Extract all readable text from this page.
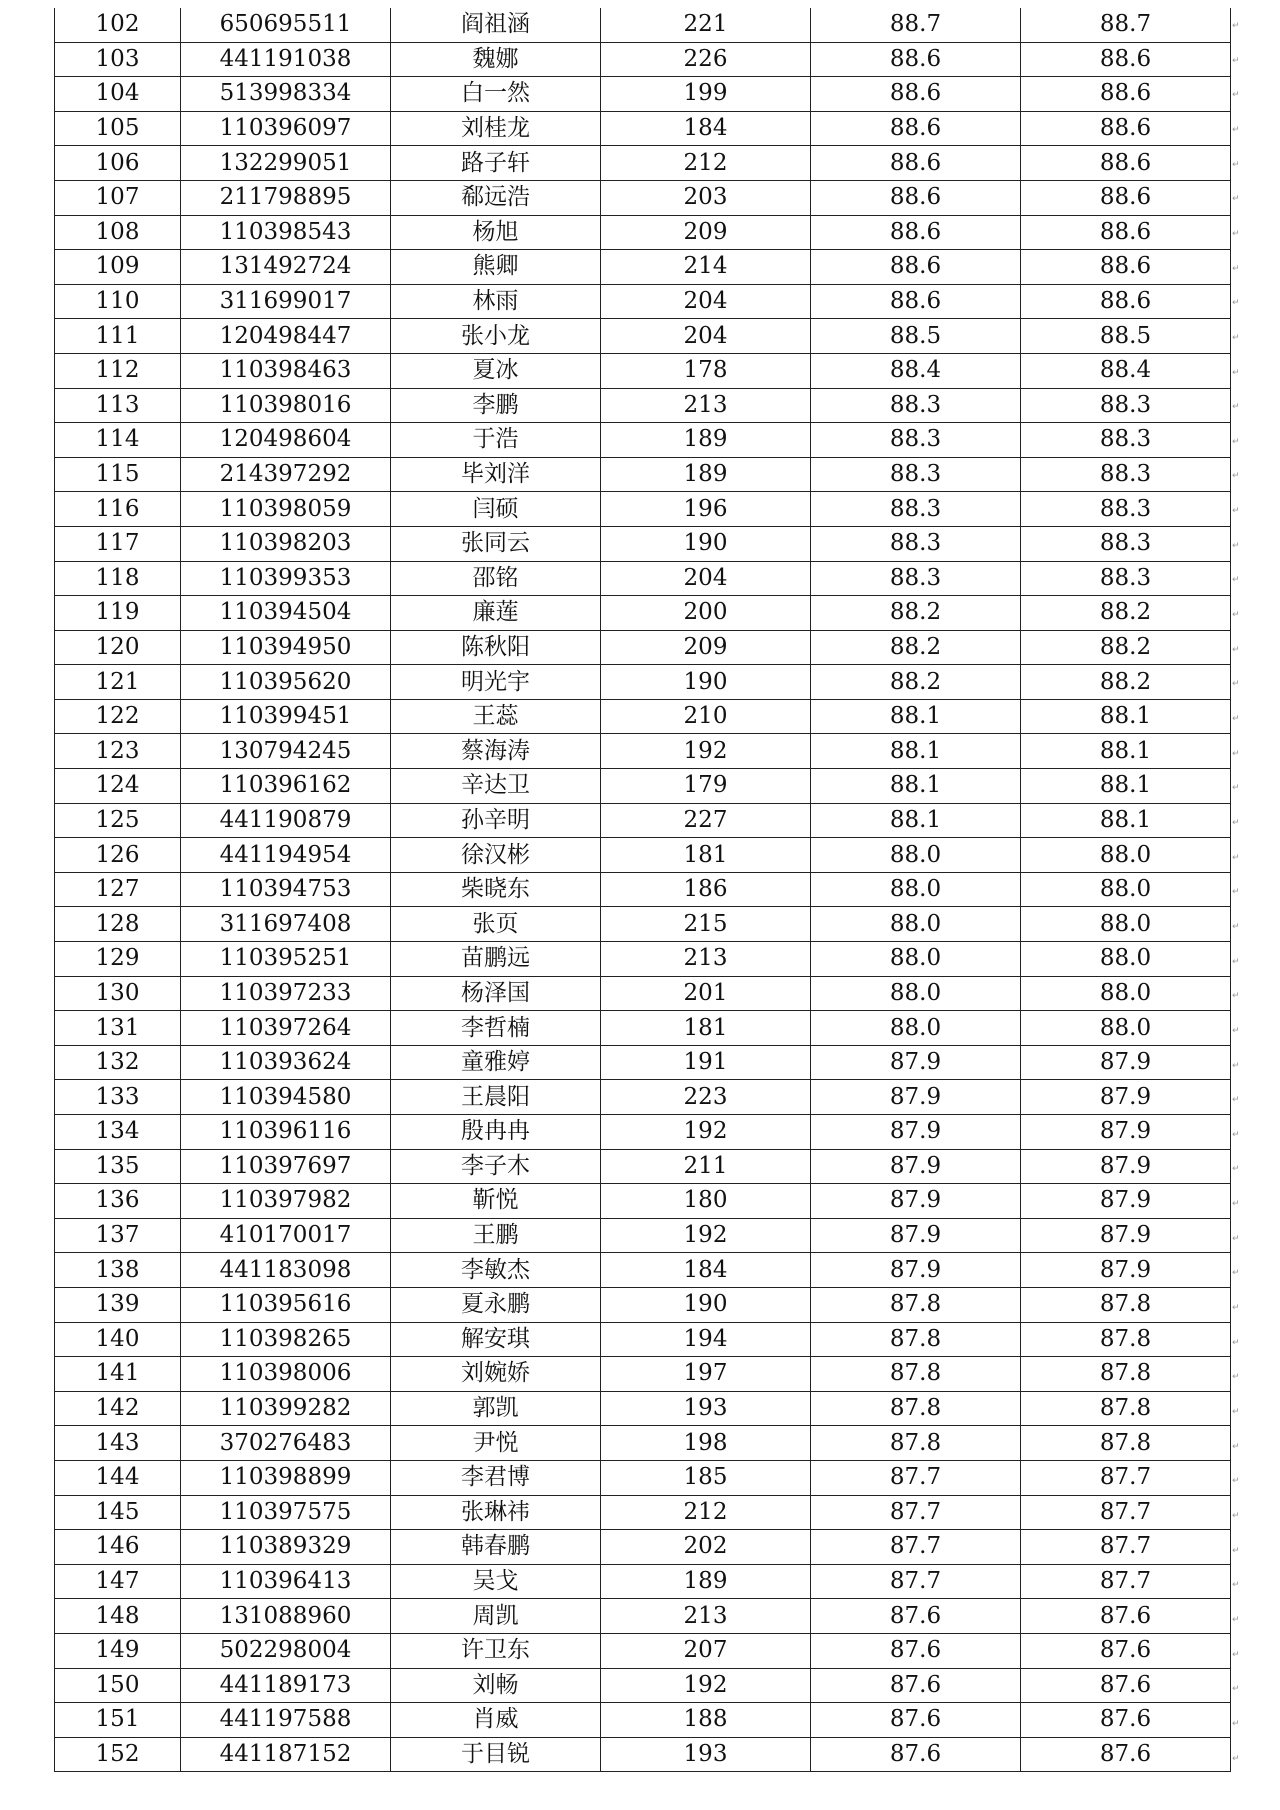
102	650695511	阎祖涵	221	88.7	88.7
103	441191038	魏娜	226	88.6	88.6
104	513998334	白一然	199	88.6	88.6
105	110396097	刘桂龙	184	88.6	88.6
106	132299051	路子轩	212	88.6	88.6
107	211798895	郗远浩	203	88.6	88.6
108	110398543	杨旭	209	88.6	88.6
109	131492724	熊卿	214	88.6	88.6
110	311699017	林雨	204	88.6	88.6
111	120498447	张小龙	204	88.5	88.5
112	110398463	夏冰	178	88.4	88.4
113	110398016	李鹏	213	88.3	88.3
114	120498604	于浩	189	88.3	88.3
115	214397292	毕刘洋	189	88.3	88.3
116	110398059	闫硕	196	88.3	88.3
117	110398203	张同云	190	88.3	88.3
118	110399353	邵铭	204	88.3	88.3
119	110394504	廉莲	200	88.2	88.2
120	110394950	陈秋阳	209	88.2	88.2
121	110395620	明光宇	190	88.2	88.2
122	110399451	王蕊	210	88.1	88.1
123	130794245	蔡海涛	192	88.1	88.1
124	110396162	辛达卫	179	88.1	88.1
125	441190879	孙辛明	227	88.1	88.1
126	441194954	徐汉彬	181	88.0	88.0
127	110394753	柴晓东	186	88.0	88.0
128	311697408	张页	215	88.0	88.0
129	110395251	苗鹏远	213	88.0	88.0
130	110397233	杨泽国	201	88.0	88.0
131	110397264	李哲楠	181	88.0	88.0
132	110393624	童雅婷	191	87.9	87.9
133	110394580	王晨阳	223	87.9	87.9
134	110396116	殷冉冉	192	87.9	87.9
135	110397697	李子木	211	87.9	87.9
136	110397982	靳悦	180	87.9	87.9
137	410170017	王鹏	192	87.9	87.9
138	441183098	李敏杰	184	87.9	87.9
139	110395616	夏永鹏	190	87.8	87.8
140	110398265	解安琪	194	87.8	87.8
141	110398006	刘婉娇	197	87.8	87.8
142	110399282	郭凯	193	87.8	87.8
143	370276483	尹悦	198	87.8	87.8
144	110398899	李君博	185	87.7	87.7
145	110397575	张琳祎	212	87.7	87.7
146	110389329	韩春鹏	202	87.7	87.7
147	110396413	吴戈	189	87.7	87.7
148	131088960	周凯	213	87.6	87.6
149	502298004	许卫东	207	87.6	87.6
150	441189173	刘畅	192	87.6	87.6
151	441197588	肖威	188	87.6	87.6
152	441187152	于目锐	193	87.6	87.6
↵
↵
↵
↵
↵
↵
↵
↵
↵
↵
↵
↵
↵
↵
↵
↵
↵
↵
↵
↵
↵
↵
↵
↵
↵
↵
↵
↵
↵
↵
↵
↵
↵
↵
↵
↵
↵
↵
↵
↵
↵
↵
↵
↵
↵
↵
↵
↵
↵
↵
↵
